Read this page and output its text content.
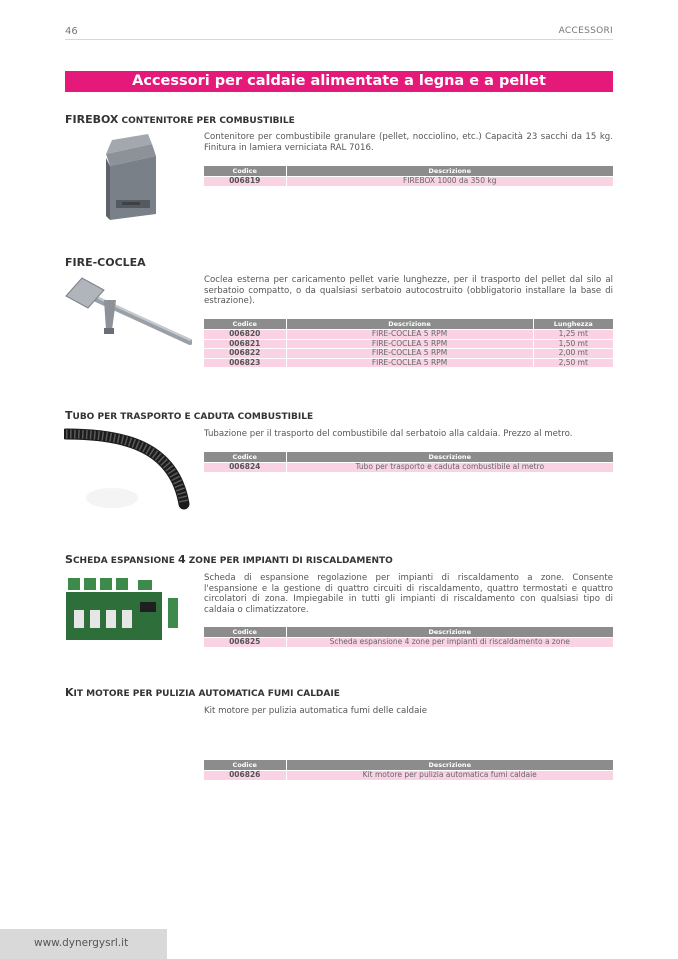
46	ACCESSORI
Accessori per caldaie alimentate a legna e a pellet
FIREBOX CONTENITORE PER COMBUSTIBILE
Contenitore per combustibile granulare (pellet, nocciolino, etc.) Capacità 23 sacchi da 15 kg. Finitura in lamiera verniciata RAL 7016.
Codice	Descrizione
006819	FIREBOX 1000 da 350 kg
FIRE-COCLEA
Coclea esterna per caricamento pellet varie lunghezze, per il trasporto del pellet dal silo al serbatoio compatto, o da qualsiasi serbatoio autocostruito (obbligatorio installare la base di estrazione).
Codice	Descrizione	Lunghezza
006820	FIRE-COCLEA 5 RPM	1,25 mt
006821	FIRE-COCLEA 5 RPM	1,50 mt
006822	FIRE-COCLEA 5 RPM	2,00 mt
006823	FIRE-COCLEA 5 RPM	2,50 mt
TUBO PER TRASPORTO E CADUTA COMBUSTIBILE
Tubazione per il trasporto del combustibile dal serbatoio alla caldaia. Prezzo al metro.
Codice	Descrizione
006824	Tubo per trasporto e caduta combustibile al metro
SCHEDA ESPANSIONE 4 ZONE PER IMPIANTI DI RISCALDAMENTO
Scheda di espansione regolazione per impianti di riscaldamento a zone. Consente l'espansione e la gestione di quattro circuiti di riscaldamento, quattro termostati e quattro circolatori di zona. Impiegabile in tutti gli impianti di riscaldamento con qualsiasi tipo di caldaia o climatizzatore.
Codice	Descrizione
006825	Scheda espansione 4 zone per impianti di riscaldamento a zone
KIT MOTORE PER PULIZIA AUTOMATICA FUMI CALDAIE
Kit motore per pulizia automatica fumi delle caldaie
Codice	Descrizione
006826	Kit motore per pulizia automatica fumi caldaie
www.dynergysrl.it
